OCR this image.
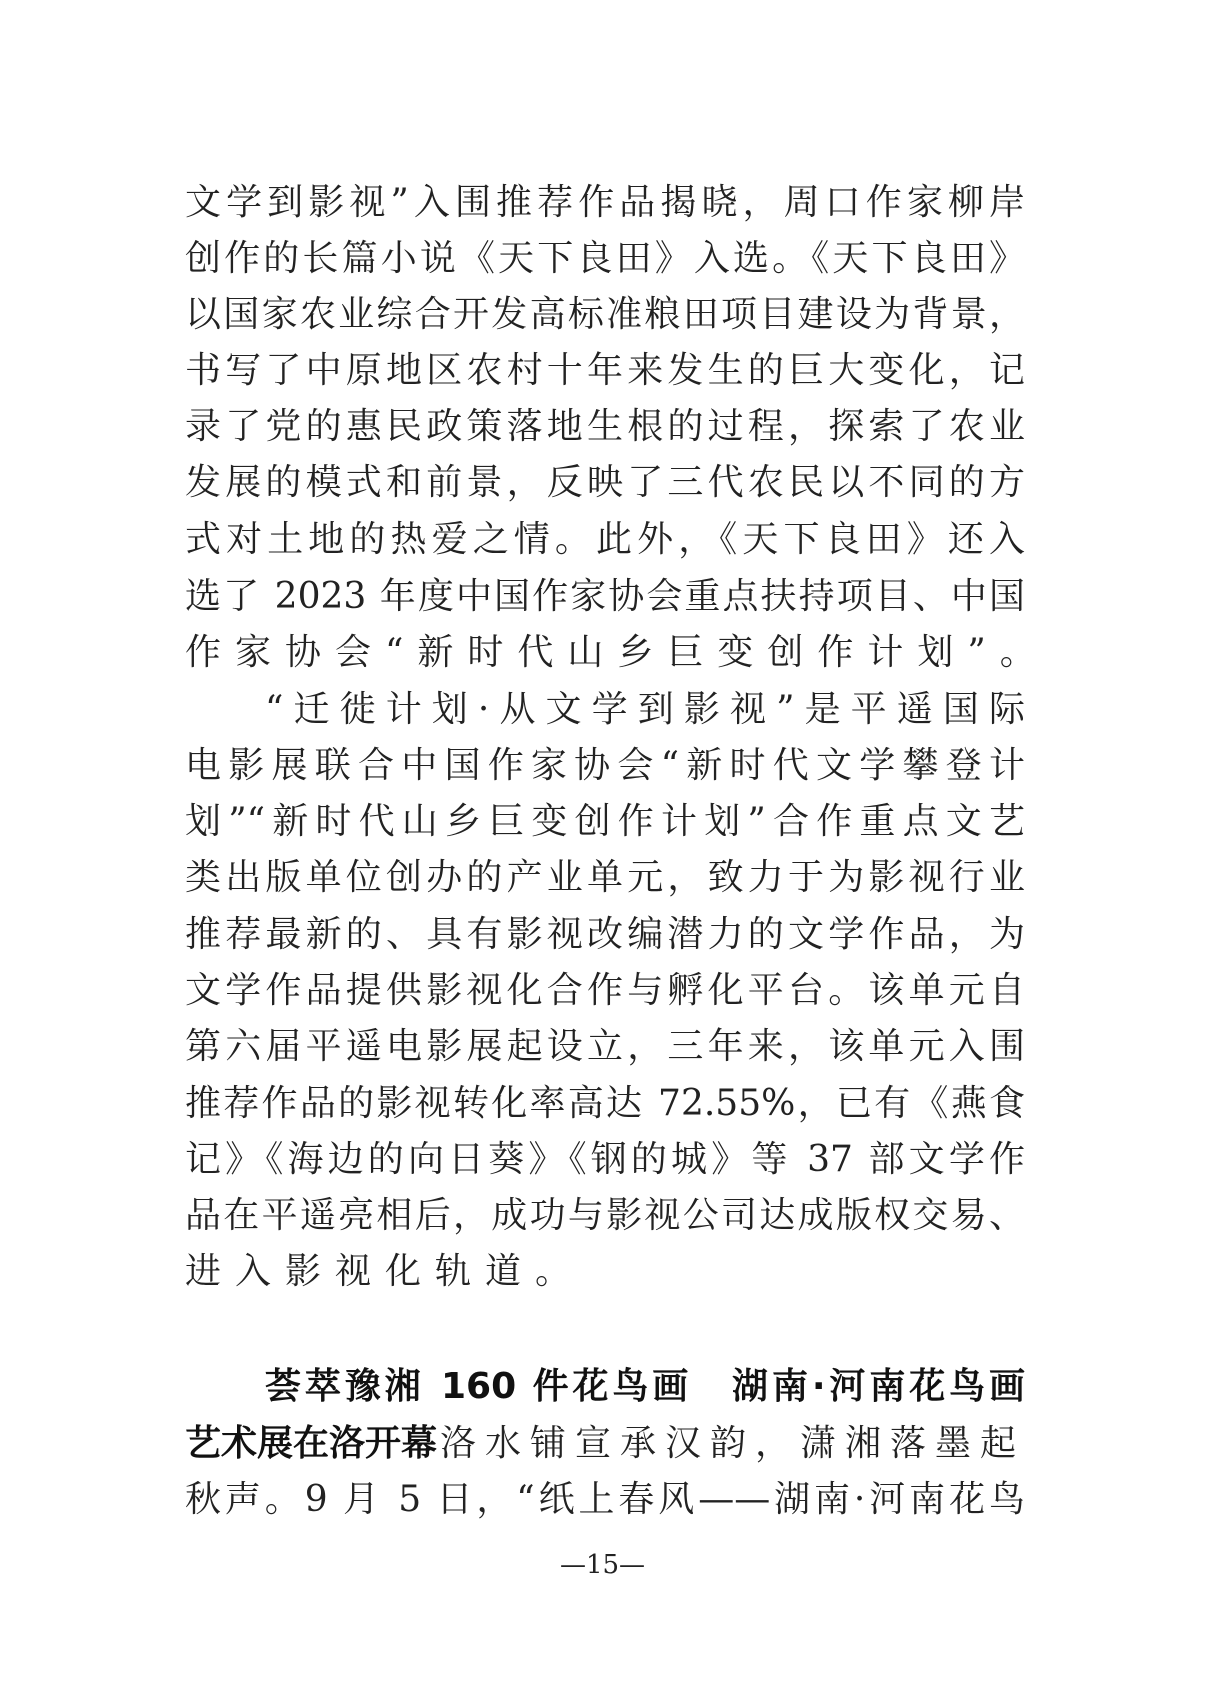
文学到影视”入围推荐作品揭晓，周口作家柳岸
创作的长篇小说《天下良田》入选。《天下良田》
以国家农业综合开发高标准粮田项目建设为背景，
书写了中原地区农村十年来发生的巨大变化，记
录了党的惠民政策落地生根的过程，探索了农业
发展的模式和前景，反映了三代农民以不同的方
式对土地的热爱之情。此外，《天下良田》还入
选了 2023 年度中国作家协会重点扶持项目、中国
作家协会“新时代山乡巨变创作计划”。
“迁徙计划·从文学到影视”是平遥国际
电影展联合中国作家协会“新时代文学攀登计
划”“新时代山乡巨变创作计划”合作重点文艺
类出版单位创办的产业单元，致力于为影视行业
推荐最新的、具有影视改编潜力的文学作品，为
文学作品提供影视化合作与孵化平台。该单元自
第六届平遥电影展起设立，三年来，该单元入围
推荐作品的影视转化率高达 72.55%，已有《燕食
记》《海边的向日葵》《钢的城》等 37 部文学作
品在平遥亮相后，成功与影视公司达成版权交易、
进入影视化轨道。
荟萃豫湘 160 件花鸟画　湖南·河南花鸟画
艺术展在洛开幕 洛水铺宣承汉韵，潇湘落墨起
秋声。9 月 5 日，“纸上春风——湖南·河南花鸟
—15—
